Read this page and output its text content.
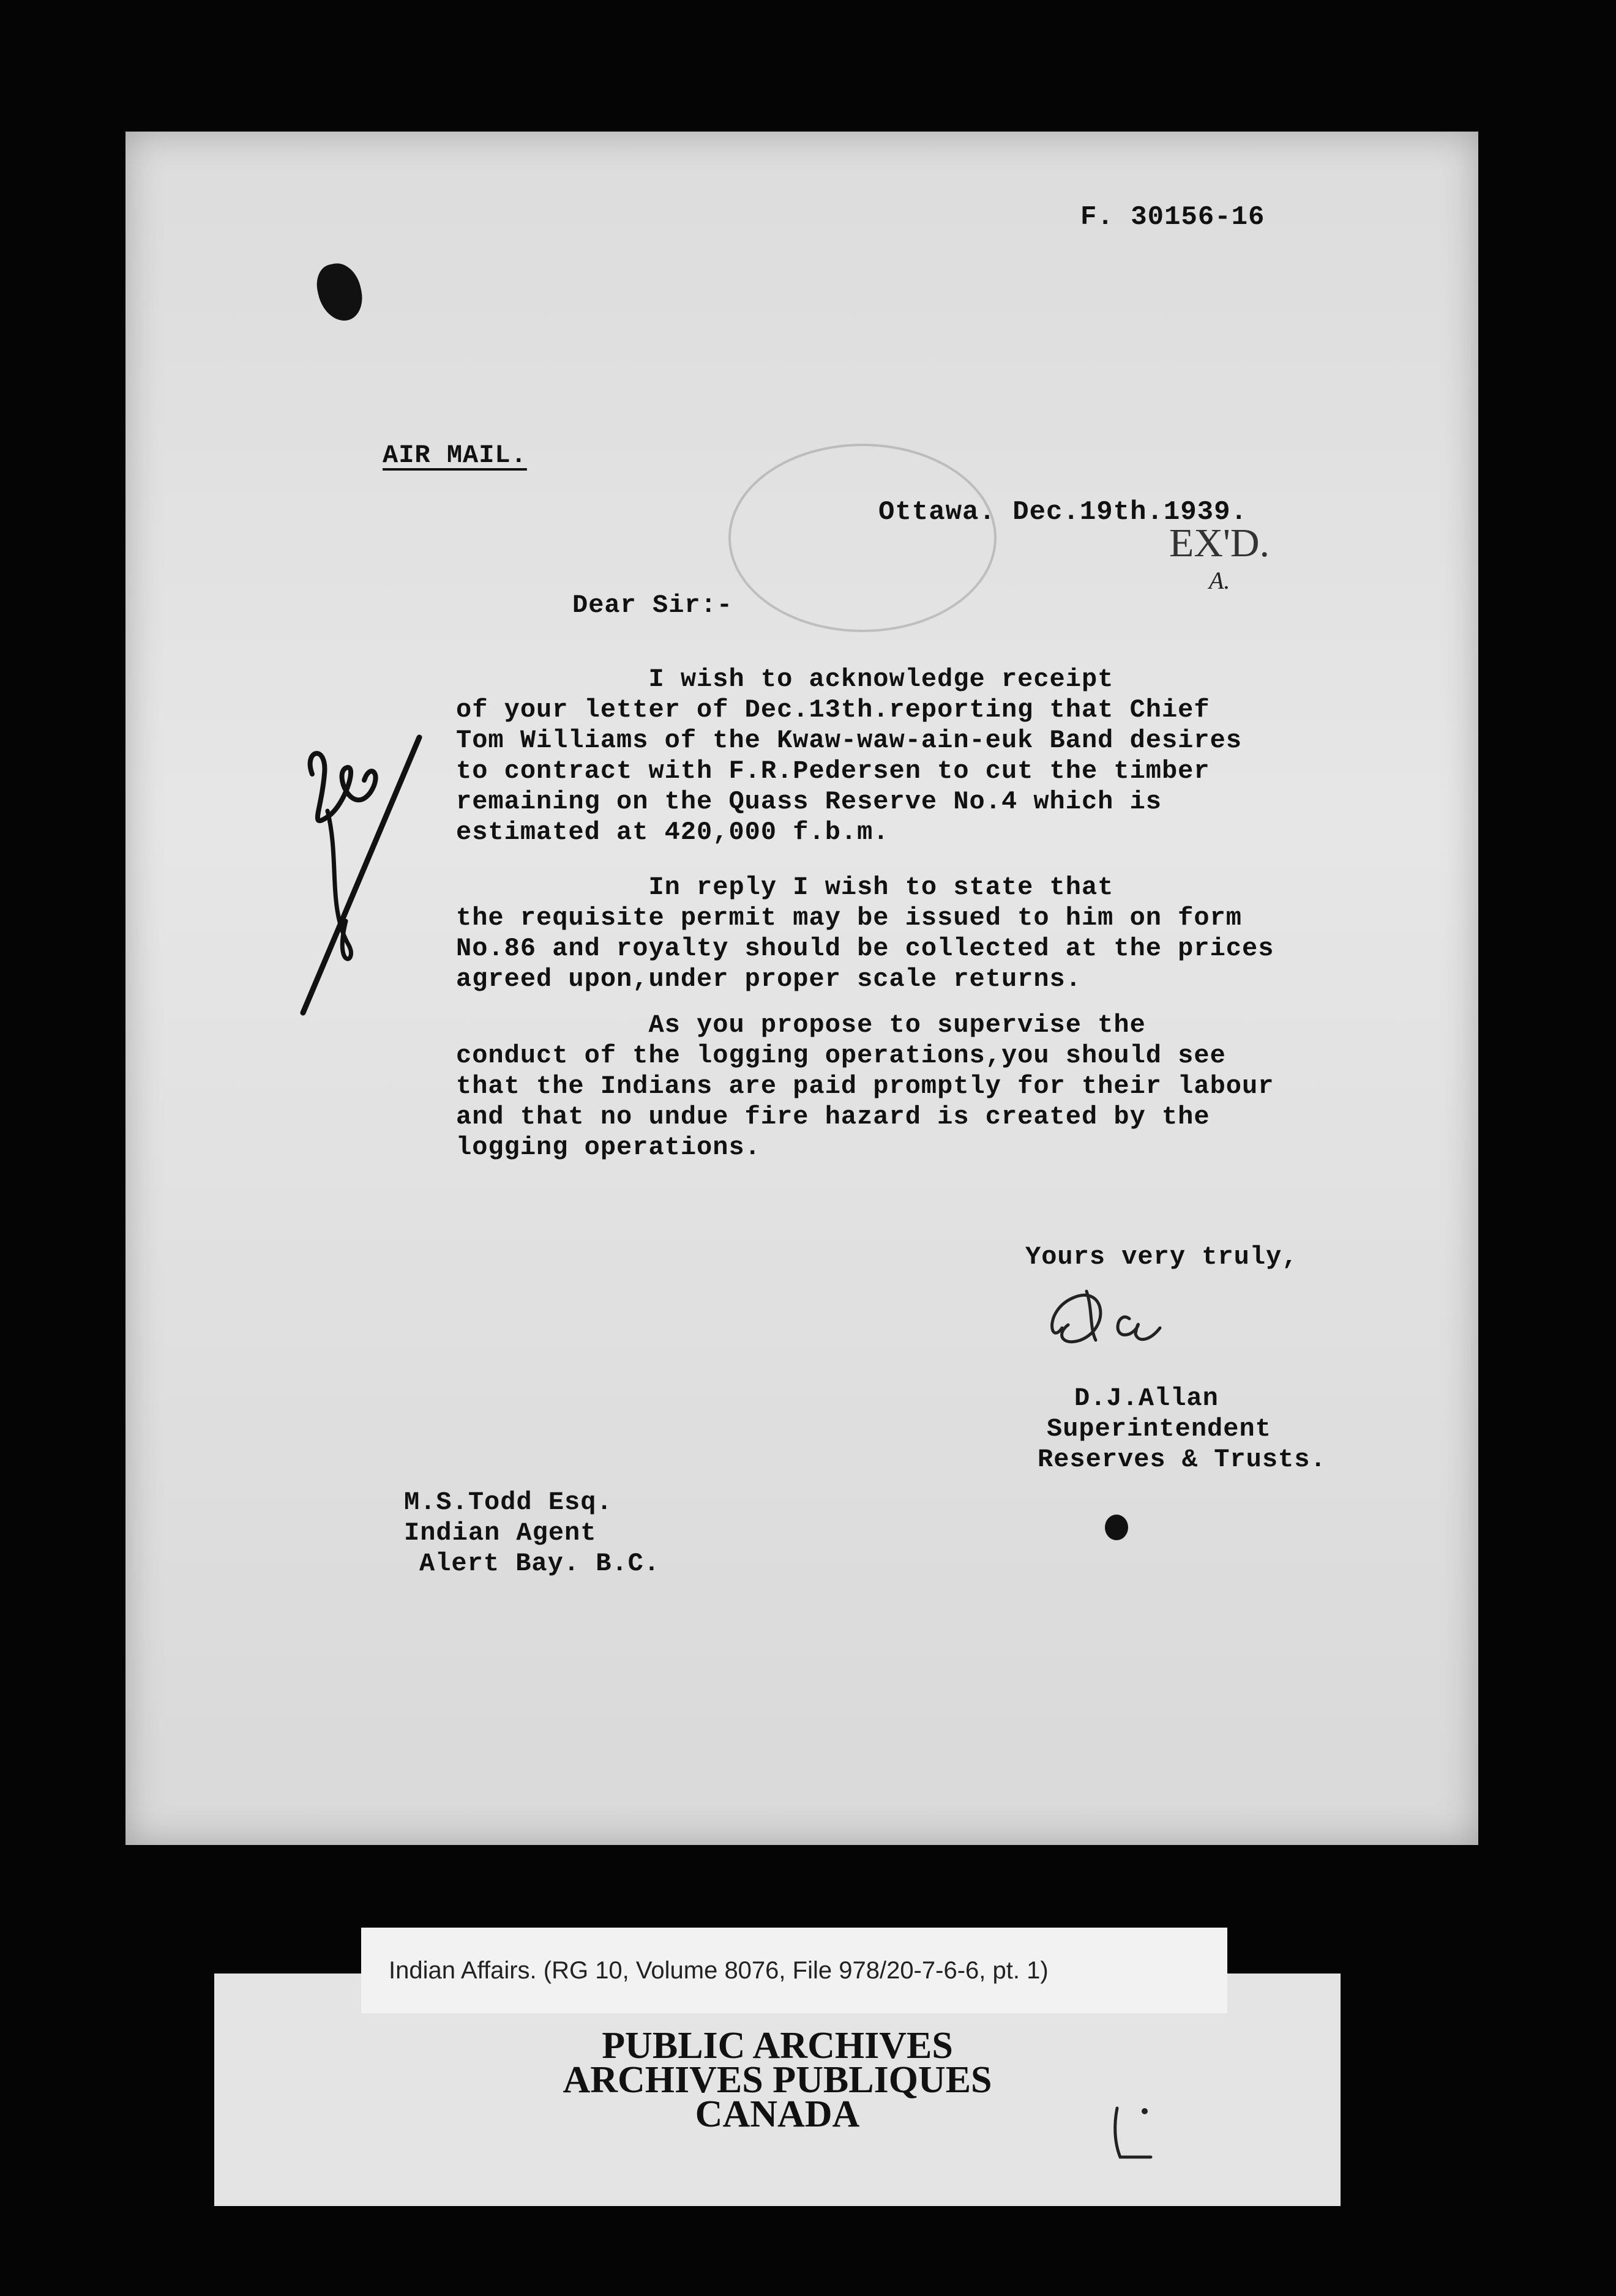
F. 30156-16
AIR MAIL.
Ottawa. Dec.19th.1939.
EX'D.
A.
Dear Sir:-
I wish to acknowledge receipt
of your letter of Dec.13th.reporting that Chief
Tom Williams of the Kwaw-waw-ain-euk Band desires
to contract with F.R.Pedersen to cut the timber
remaining on the Quass Reserve No.4 which is
estimated at 420,000 f.b.m.
In reply I wish to state that
the requisite permit may be issued to him on form
No.86 and royalty should be collected at the prices
agreed upon,under proper scale returns.
As you propose to supervise the
conduct of the logging operations,you should see
that the Indians are paid promptly for their labour
and that no undue fire hazard is created by the
logging operations.
Yours very truly,
D.J.Allan
Superintendent
Reserves & Trusts.
M.S.Todd Esq.
Indian Agent
Alert Bay. B.C.
PUBLIC ARCHIVES
ARCHIVES PUBLIQUES
CANADA
Indian Affairs. (RG 10, Volume 8076, File 978/20-7-6-6, pt. 1)
